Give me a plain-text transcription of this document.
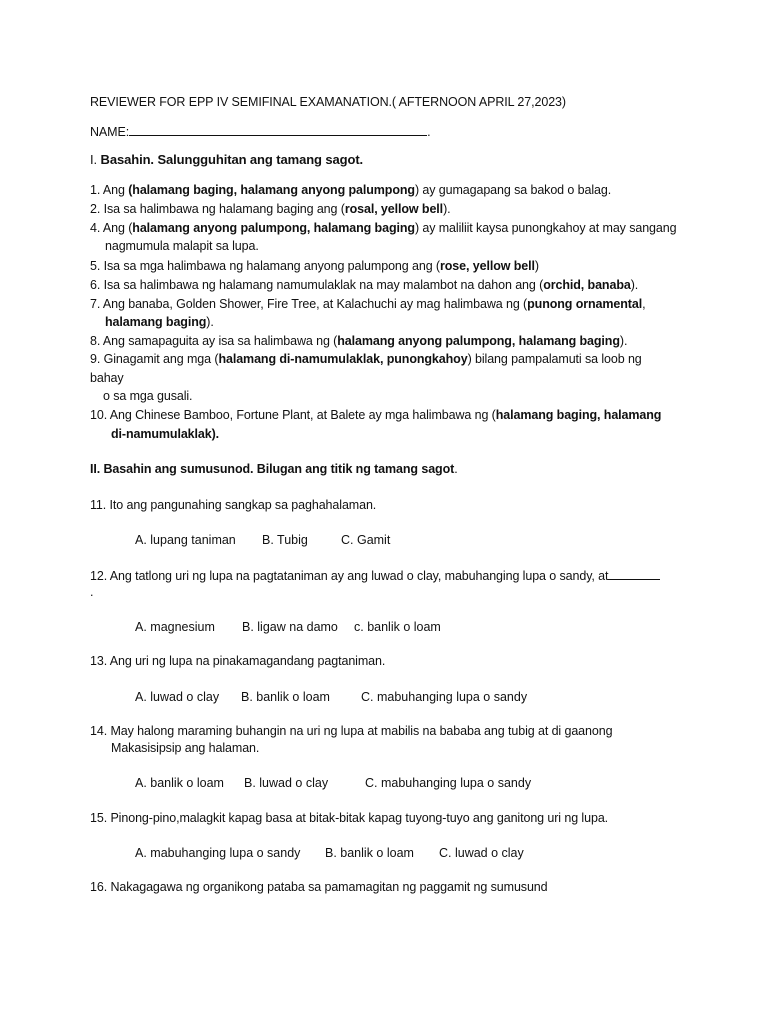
REVIEWER FOR EPP IV SEMIFINAL EXAMANATION.( AFTERNOON APRIL 27,2023)
NAME:	.
I. Basahin. Salungguhitan ang tamang sagot.
1. Ang (halamang baging, halamang anyong palumpong) ay gumagapang sa bakod o balag.
2. Isa sa halimbawa ng halamang baging ang (rosal, yellow bell).
4. Ang (halamang anyong palumpong, halamang baging) ay maliliit kaysa punongkahoy at may sangang
nagmumula malapit sa lupa.
5. Isa sa mga halimbawa ng halamang anyong palumpong ang (rose, yellow bell)
6. Isa sa halimbawa ng halamang namumulaklak na may malambot na dahon ang (orchid, banaba).
7. Ang banaba, Golden Shower, Fire Tree, at Kalachuchi ay mag halimbawa ng (punong ornamental,
halamang baging).
8. Ang samapaguita ay isa sa halimbawa ng (halamang anyong palumpong, halamang baging).
9. Ginagamit ang mga (halamang di-namumulaklak, punongkahoy) bilang pampalamuti sa loob ng
bahay
o sa mga gusali.
10. Ang Chinese Bamboo, Fortune Plant, at Balete ay mga halimbawa ng (halamang baging, halamang
di-namumulaklak).
II. Basahin ang sumusunod. Bilugan ang titik ng tamang sagot.
11. Ito ang pangunahing sangkap sa paghahalaman.
A. lupang taniman B. Tubig	C. Gamit
12. Ang tatlong uri ng lupa na pagtataniman ay ang luwad o clay, mabuhanging lupa o sandy, at
.
A. magnesium B. ligaw na damo c. banlik o loam
13. Ang uri ng lupa na pinakamagandang pagtaniman.
A. luwad o clay B. banlik o loam C. mabuhanging lupa o sandy
14. May halong maraming buhangin na uri ng lupa at mabilis na bababa ang tubig at di gaanong
Makasisipsip ang halaman.
A. banlik o loam B. luwad o clay	C. mabuhanging lupa o sandy
15. Pinong-pino,malagkit kapag basa at bitak-bitak kapag tuyong-tuyo ang ganitong uri ng lupa.
A. mabuhanging lupa o sandy B. banlik o loam C. luwad o clay
16. Nakagagawa ng organikong pataba sa pamamagitan ng paggamit ng sumusund
